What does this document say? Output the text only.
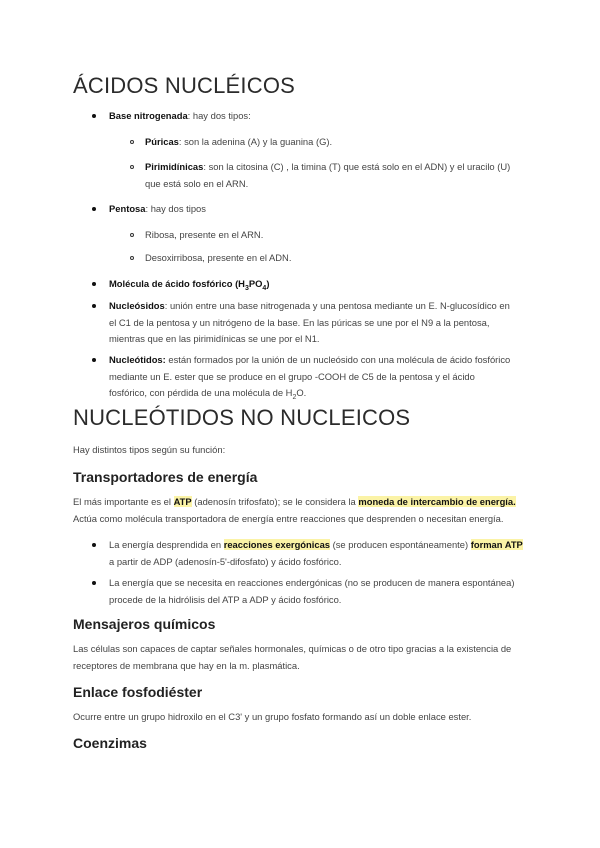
ÁCIDOS NUCLÉICOS

Base nitrogenada: hay dos tipos:

Púricas: son la adenina (A) y la guanina (G).

Pirimidínicas: son la citosina (C) , la timina (T) que está solo en el ADN) y el uracilo (U)
que está solo en el ARN.

Pentosa: hay dos tipos

Ribosa, presente en el ARN.

Desoxirribosa, presente en el ADN.

Molécula de ácido fosfórico $(H_3PO_4)$

Nucleósidos: unión entre una base nitrogenada y una pentosa mediante un E. N-glucosídico en
el C1 de la pentosa y un nitrógeno de la base. En las púricas se une por el N9 a la pentosa,
mientras que en las pirimidínicas se une por el N1.

Nucleótidos: están formados por la unión de un nucleósido con una molécula de ácido fosfórico
mediante un E. ester que se produce en el grupo -COOH de C5 de la pentosa y el ácido
fosfórico, con pérdida de una molécula de $H_2O$.

NUCLEÓTIDOS NO NUCLEICOS

Hay distintos tipos según su función:

Transportadores de energía

El más importante es el ATP (adenosín trifosfato); se le considera la moneda de intercambio de energía.
Actúa como molécula transportadora de energía entre reacciones que desprenden o necesitan energía.

La energía desprendida en reacciones exergónicas (se producen espontáneamente) forman ATP
a partir de ADP (adenosín-5'-difosfato) y ácido fosfórico.

La energía que se necesita en reacciones endergónicas (no se producen de manera espontánea)
procede de la hidrólisis del ATP a ADP y ácido fosfórico.

Mensajeros químicos

Las células son capaces de captar señales hormonales, químicas o de otro tipo gracias a la existencia de
receptores de membrana que hay en la m. plasmática.

Enlace fosfodiéster

Ocurre entre un grupo hidroxilo en el C3' y un grupo fosfato formando así un doble enlace ester.

Coenzimas
